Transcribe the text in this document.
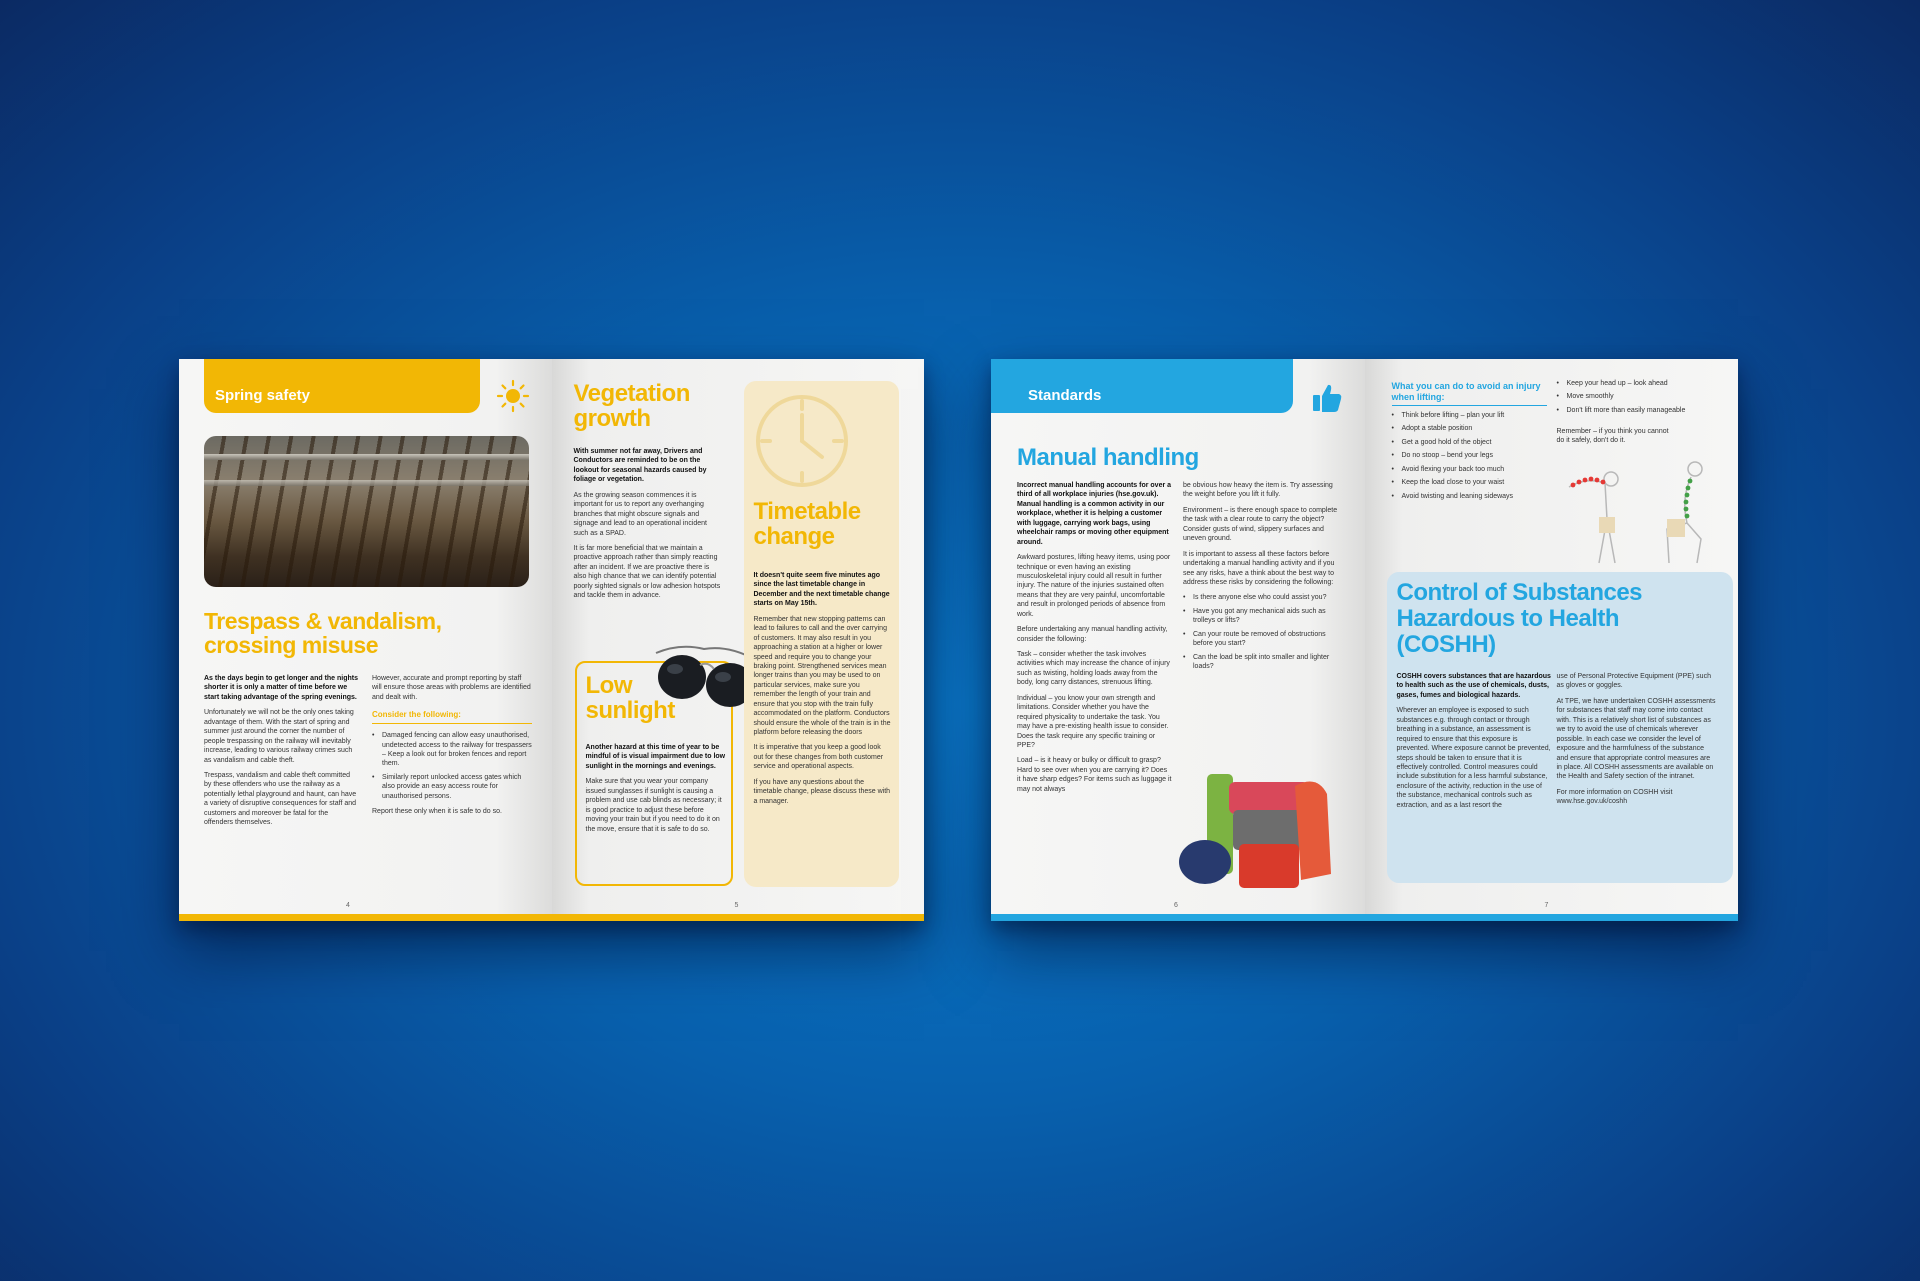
Spring safety
Trespass & vandalism, crossing misuse

As the days begin to get longer and the nights shorter it is only a matter of time before we start taking advantage of the spring evenings.

Unfortunately we will not be the only ones taking advantage of them. With the start of spring and summer just around the corner the number of people trespassing on the railway will inevitably increase, leading to various railway crimes such as vandalism and cable theft.

Trespass, vandalism and cable theft committed by these offenders who use the railway as a potentially lethal playground and haunt, can have a variety of disruptive consequences for staff and customers and moreover be fatal for the offenders themselves.

However, accurate and prompt reporting by staff will ensure those areas with problems are identified and dealt with.

Consider the following:
• Damaged fencing can allow easy unauthorised, undetected access to the railway for trespassers – Keep a look out for broken fences and report them.
• Similarly report unlocked access gates which also provide an easy access route for unauthorised persons.

Report these only when it is safe to do so.

4
Vegetation growth

With summer not far away, Drivers and Conductors are reminded to be on the lookout for seasonal hazards caused by foliage or vegetation.

As the growing season commences it is important for us to report any overhanging branches that might obscure signals and signage and lead to an operational incident such as a SPAD.

It is far more beneficial that we maintain a proactive approach rather than simply reacting after an incident. If we are proactive there is also high chance that we can identify potential poorly sighted signals or low adhesion hotspots and tackle them in advance.

Low sunlight

Another hazard at this time of year to be mindful of is visual impairment due to low sunlight in the mornings and evenings.

Make sure that you wear your company issued sunglasses if sunlight is causing a problem and use cab blinds as necessary; it is good practice to adjust these before moving your train but if you need to do it on the move, ensure that it is safe to do so.

Timetable change

It doesn't quite seem five minutes ago since the last timetable change in December and the next timetable change starts on May 15th.

Remember that new stopping patterns can lead to failures to call and the over carrying of customers. It may also result in you approaching a station at a higher or lower speed and require you to change your braking point. Strengthened services mean longer trains than you may be used to on particular services, make sure you remember the length of your train and ensure that you stop with the train fully accommodated on the platform. Conductors should ensure the whole of the train is in the platform before releasing the doors

It is imperative that you keep a good look out for these changes from both customer service and operational aspects.

If you have any questions about the timetable change, please discuss these with a manager.

5
Standards
Manual handling

Incorrect manual handling accounts for over a third of all workplace injuries (hse.gov.uk). Manual handling is a common activity in our workplace, whether it is helping a customer with luggage, carrying work bags, using wheelchair ramps or moving other equipment around.

Awkward postures, lifting heavy items, using poor technique or even having an existing musculoskeletal injury could all result in further injury. The nature of the injuries sustained often means that they are very painful, uncomfortable and result in prolonged periods of absence from work.

Before undertaking any manual handling activity, consider the following:

Task – consider whether the task involves activities which may increase the chance of injury such as twisting, holding loads away from the body, long carry distances, strenuous lifting.

Individual – you know your own strength and limitations. Consider whether you have the required physicality to undertake the task. You may have a pre-existing health issue to consider. Does the task require any specific training or PPE?

Load – is it heavy or bulky or difficult to grasp? Hard to see over when you are carrying it? Does it have sharp edges? For items such as luggage it may not always

be obvious how heavy the item is. Try assessing the weight before you lift it fully.

Environment – is there enough space to complete the task with a clear route to carry the object? Consider gusts of wind, slippery surfaces and uneven ground.

It is important to assess all these factors before undertaking a manual handling activity and if you see any risks, have a think about the best way to address these risks by considering the following:

• Is there anyone else who could assist you?
• Have you got any mechanical aids such as trolleys or lifts?
• Can your route be removed of obstructions before you start?
• Can the load be split into smaller and lighter loads?
6
What you can do to avoid an injury when lifting:
• Think before lifting – plan your lift
• Adopt a stable position
• Get a good hold of the object
• Do no stoop – bend your legs
• Avoid flexing your back too much
• Keep the load close to your waist
• Avoid twisting and leaning sideways
• Keep your head up – look ahead
• Move smoothly
• Don't lift more than easily manageable
Remember – if you think you cannot do it safely, don't do it.
Control of Substances Hazardous to Health (COSHH)

COSHH covers substances that are hazardous to health such as the use of chemicals, dusts, gases, fumes and biological hazards.

Wherever an employee is exposed to such substances e.g. through contact or through breathing in a substance, an assessment is required to ensure that this exposure is prevented. Where exposure cannot be prevented, steps should be taken to ensure that it is effectively controlled. Control measures could include substitution for a less harmful substance, enclosure of the activity, reduction in the use of the substance, mechanical controls such as extraction, and as a last resort the

use of Personal Protective Equipment (PPE) such as gloves or goggles.

At TPE, we have undertaken COSHH assessments for substances that staff may come into contact with. This is a relatively short list of substances as we try to avoid the use of chemicals wherever possible. In each case we consider the level of exposure and the harmfulness of the substance and ensure that appropriate control measures are in place. All COSHH assessments are available on the Health and Safety section of the intranet.

For more information on COSHH visit www.hse.gov.uk/coshh

7
